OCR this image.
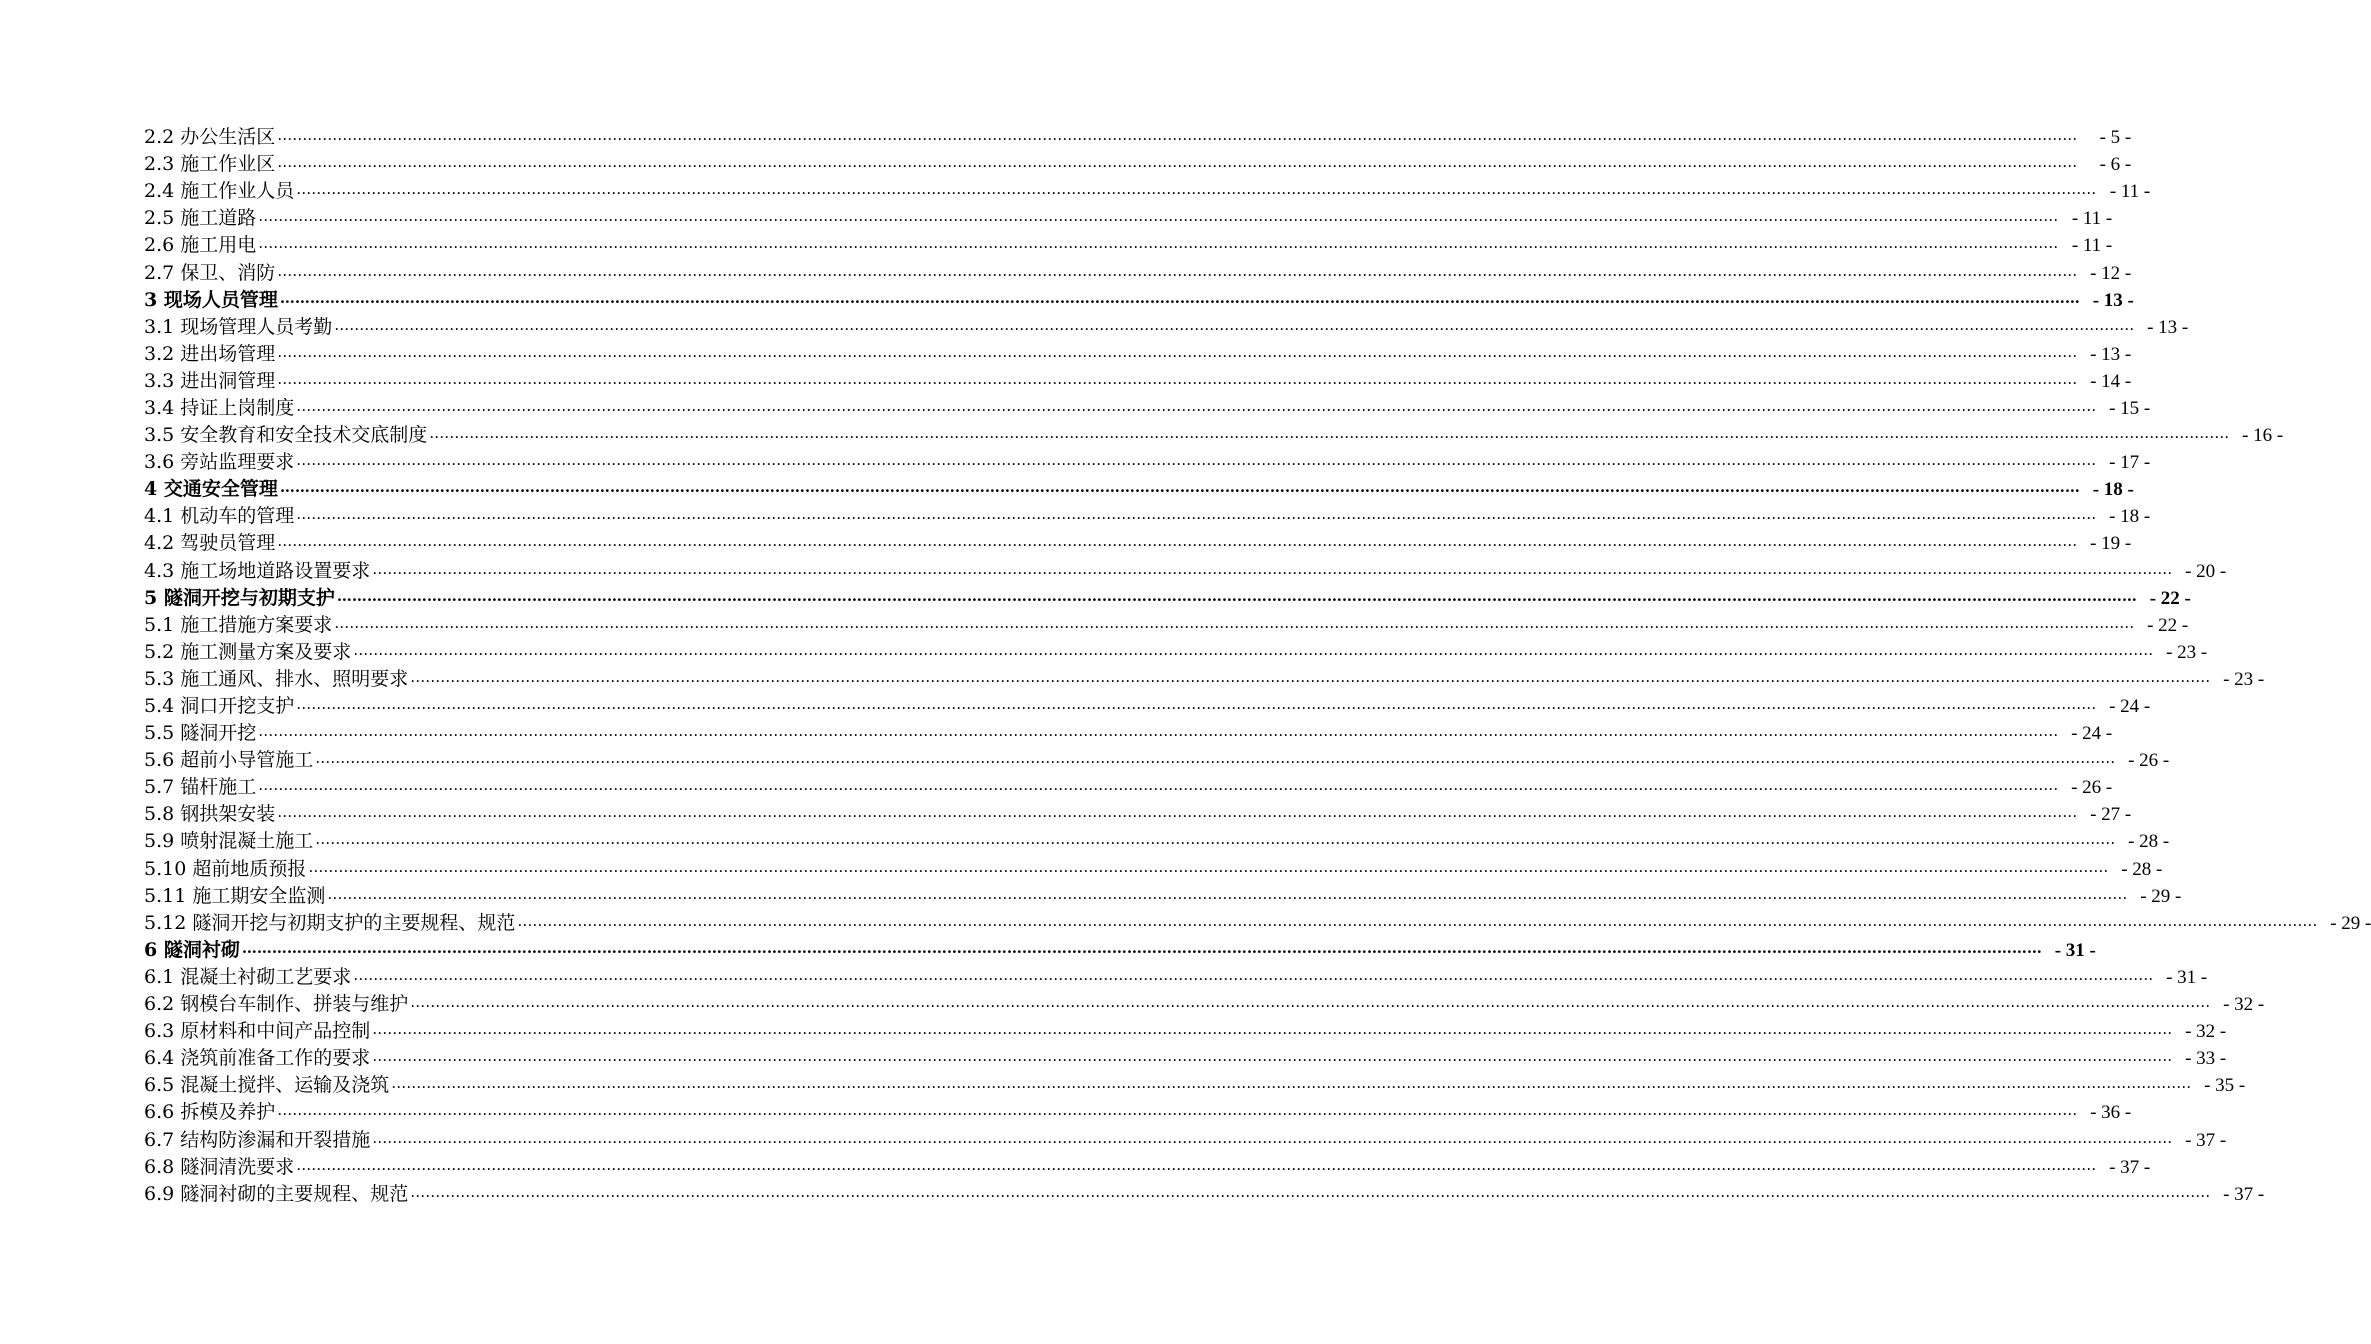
2.2 办公生活区 ………………………………………………………………………………………………………………………………………………………………………………………………………………………………………………………………………………………………………………………………	- 5 -
2.3 施工作业区 ………………………………………………………………………………………………………………………………………………………………………………………………………………………………………………………………………………………………………………………………	- 6 -
2.4 施工作业人员 ……………………………………………………………………………………………………………………………………………………………………………………………………………………………………………………………………………………………………………………………… - 11 -
2.5 施工道路 ……………………………………………………………………………………………………………………………………………………………………………………………………………………………………………………………………………………………………………………………… - 11 -
2.6 施工用电 ……………………………………………………………………………………………………………………………………………………………………………………………………………………………………………………………………………………………………………………………… - 11 -
2.7 保卫、消防 ……………………………………………………………………………………………………………………………………………………………………………………………………………………………………………………………………………………………………………………………… - 12 -
3 现场人员管理 ……………………………………………………………………………………………………………………………………………………………………………………………………………………………………………………………………………………………………………………………… - 13 -
3.1 现场管理人员考勤 ……………………………………………………………………………………………………………………………………………………………………………………………………………………………………………………………………………………………………………………………… - 13 -
3.2 进出场管理 ……………………………………………………………………………………………………………………………………………………………………………………………………………………………………………………………………………………………………………………………… - 13 -
3.3 进出洞管理 ……………………………………………………………………………………………………………………………………………………………………………………………………………………………………………………………………………………………………………………………… - 14 -
3.4 持证上岗制度 ……………………………………………………………………………………………………………………………………………………………………………………………………………………………………………………………………………………………………………………………… - 15 -
3.5 安全教育和安全技术交底制度 ……………………………………………………………………………………………………………………………………………………………………………………………………………………………………………………………………………………………………………………………… - 16 -
3.6 旁站监理要求 ……………………………………………………………………………………………………………………………………………………………………………………………………………………………………………………………………………………………………………………………… - 17 -
4 交通安全管理 ……………………………………………………………………………………………………………………………………………………………………………………………………………………………………………………………………………………………………………………………… - 18 -
4.1 机动车的管理 ……………………………………………………………………………………………………………………………………………………………………………………………………………………………………………………………………………………………………………………………… - 18 -
4.2 驾驶员管理 ……………………………………………………………………………………………………………………………………………………………………………………………………………………………………………………………………………………………………………………………… - 19 -
4.3 施工场地道路设置要求 ……………………………………………………………………………………………………………………………………………………………………………………………………………………………………………………………………………………………………………………………… - 20 -
5 隧洞开挖与初期支护 ……………………………………………………………………………………………………………………………………………………………………………………………………………………………………………………………………………………………………………………………… - 22 -
5.1 施工措施方案要求 ……………………………………………………………………………………………………………………………………………………………………………………………………………………………………………………………………………………………………………………………… - 22 -
5.2 施工测量方案及要求 ……………………………………………………………………………………………………………………………………………………………………………………………………………………………………………………………………………………………………………………………… - 23 -
5.3 施工通风、排水、照明要求 ……………………………………………………………………………………………………………………………………………………………………………………………………………………………………………………………………………………………………………………………… - 23 -
5.4 洞口开挖支护 ……………………………………………………………………………………………………………………………………………………………………………………………………………………………………………………………………………………………………………………………… - 24 -
5.5 隧洞开挖 ……………………………………………………………………………………………………………………………………………………………………………………………………………………………………………………………………………………………………………………………… - 24 -
5.6 超前小导管施工 ……………………………………………………………………………………………………………………………………………………………………………………………………………………………………………………………………………………………………………………………… - 26 -
5.7 锚杆施工 ……………………………………………………………………………………………………………………………………………………………………………………………………………………………………………………………………………………………………………………………… - 26 -
5.8 钢拱架安装 ……………………………………………………………………………………………………………………………………………………………………………………………………………………………………………………………………………………………………………………………… - 27 -
5.9 喷射混凝土施工 ……………………………………………………………………………………………………………………………………………………………………………………………………………………………………………………………………………………………………………………………… - 28 -
5.10 超前地质预报 ……………………………………………………………………………………………………………………………………………………………………………………………………………………………………………………………………………………………………………………………… - 28 -
5.11 施工期安全监测 ……………………………………………………………………………………………………………………………………………………………………………………………………………………………………………………………………………………………………………………………… - 29 -
5.12 隧洞开挖与初期支护的主要规程、规范 ……………………………………………………………………………………………………………………………………………………………………………………………………………………………………………………………………………………………………………………………… - 29 -
6 隧洞衬砌 ……………………………………………………………………………………………………………………………………………………………………………………………………………………………………………………………………………………………………………………………… - 31 -
6.1 混凝土衬砌工艺要求 ……………………………………………………………………………………………………………………………………………………………………………………………………………………………………………………………………………………………………………………………… - 31 -
6.2 钢模台车制作、拼装与维护 ……………………………………………………………………………………………………………………………………………………………………………………………………………………………………………………………………………………………………………………………… - 32 -
6.3 原材料和中间产品控制 ……………………………………………………………………………………………………………………………………………………………………………………………………………………………………………………………………………………………………………………………… - 32 -
6.4 浇筑前准备工作的要求 ……………………………………………………………………………………………………………………………………………………………………………………………………………………………………………………………………………………………………………………………… - 33 -
6.5 混凝土搅拌、运输及浇筑 ……………………………………………………………………………………………………………………………………………………………………………………………………………………………………………………………………………………………………………………………… - 35 -
6.6 拆模及养护 ……………………………………………………………………………………………………………………………………………………………………………………………………………………………………………………………………………………………………………………………… - 36 -
6.7 结构防渗漏和开裂措施 ……………………………………………………………………………………………………………………………………………………………………………………………………………………………………………………………………………………………………………………………… - 37 -
6.8 隧洞清洗要求 ……………………………………………………………………………………………………………………………………………………………………………………………………………………………………………………………………………………………………………………………… - 37 -
6.9 隧洞衬砌的主要规程、规范 ……………………………………………………………………………………………………………………………………………………………………………………………………………………………………………………………………………………………………………………………… - 37 -
